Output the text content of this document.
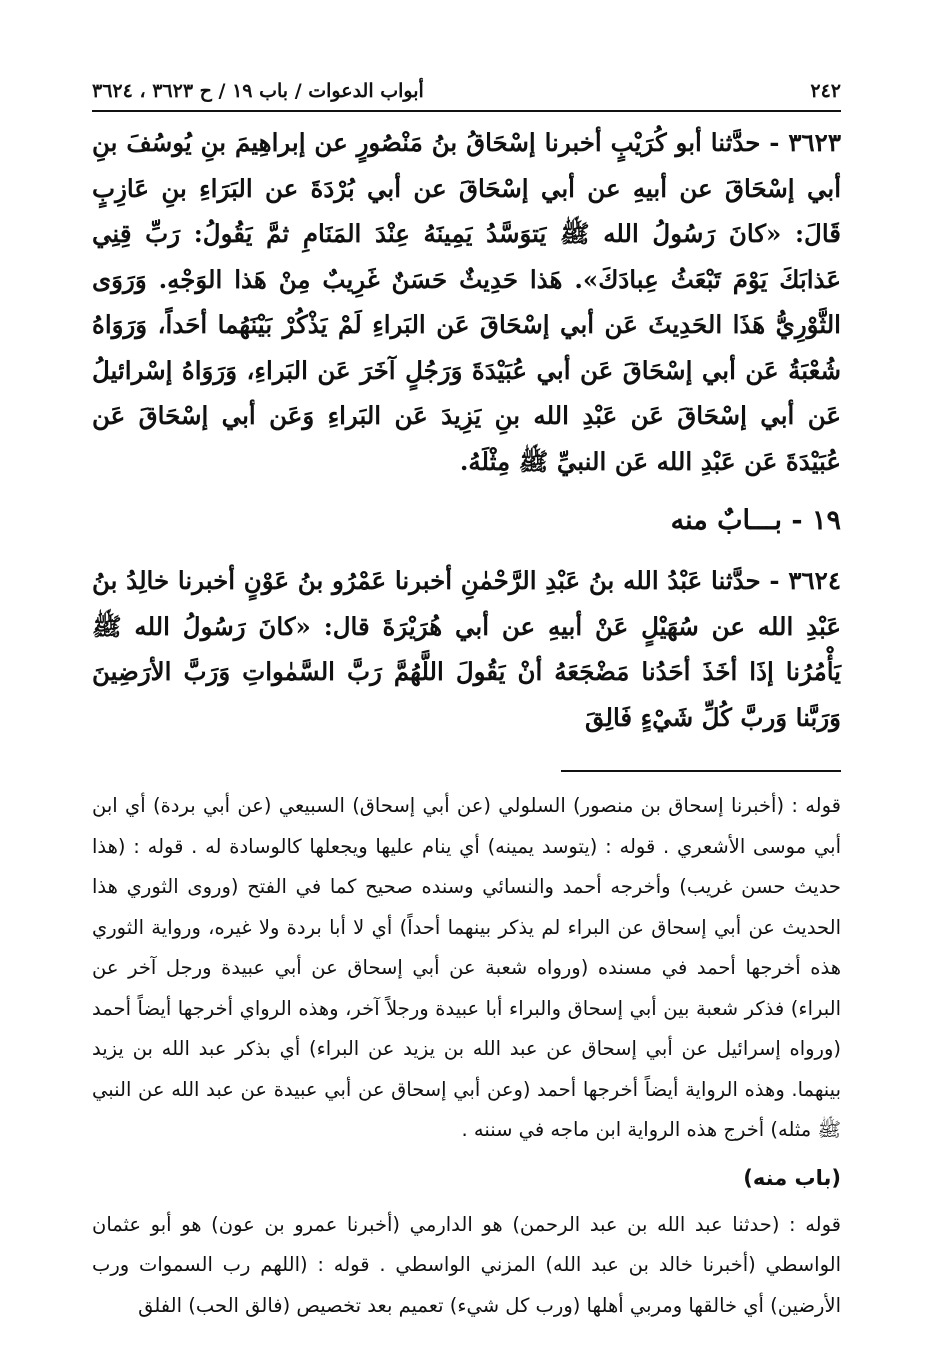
٢٤٢
أبواب الدعوات / باب ١٩ / ح ٣٦٢٣ ، ٣٦٢٤

٣٦٢٣ - حدَّثنا أبو كُرَيْبٍ أخبرنا إسْحَاقُ بنُ مَنْصُورٍ عن إبراهِيمَ بنِ يُوسُفَ بنِ أبي إسْحَاقَ عن أبيهِ عن أبي إسْحَاقَ عن أبي بُرْدَةَ عن البَرَاءِ بنِ عَازِبٍ قَالَ: «كانَ رَسُولُ الله ﷺ يَتوَسَّدُ يَمِينَهُ عِنْدَ المَنَامِ ثمَّ يَقُولُ: رَبِّ قِنِي عَذابَكَ يَوْمَ تَبْعَثُ عِبادَكَ». هَذا حَدِيثٌ حَسَنٌ غَرِيبٌ مِنْ هَذا الوَجْهِ. وَرَوَى الثَّوْرِيُّ هَذَا الحَدِيثَ عَن أبي إسْحَاقَ عَن البَراءِ لَمْ يَذْكُرْ بَيْنَهُما أحَداً، وَرَوَاهُ شُعْبَةُ عَن أبي إسْحَاقَ عَن أبي عُبَيْدَةَ وَرَجُلٍ آخَرَ عَن البَراءِ، وَرَوَاهُ إسْرائيلُ عَن أبي إسْحَاقَ عَن عَبْدِ الله بنِ يَزِيدَ عَن البَراءِ وَعَن أبي إسْحَاقَ عَن عُبَيْدَةَ عَن عَبْدِ الله عَن النبيِّ ﷺ مِثْلَهُ.

١٩ - بـــابٌ منه

٣٦٢٤ - حدَّثنا عَبْدُ الله بنُ عَبْدِ الرَّحْمٰنِ أخبرنا عَمْرُو بنُ عَوْنٍ أخبرنا خالِدُ بنُ عَبْدِ الله عن سُهَيْلٍ عَنْ أبيهِ عن أبي هُرَيْرَةَ قال: «كانَ رَسُولُ الله ﷺ يَأْمُرُنا إذَا أخَذَ أحَدُنا مَضْجَعَهُ أنْ يَقُولَ اللَّهُمَّ رَبَّ السَّمٰواتِ وَرَبَّ الأرَضِينَ وَرَبَّنا وَربَّ كُلِّ شَيْءٍ فَالِقَ

قوله : (أخبرنا إسحاق بن منصور) السلولي (عن أبي إسحاق) السبيعي (عن أبي بردة) أي ابن أبي موسى الأشعري . قوله : (يتوسد يمينه) أي ينام عليها ويجعلها كالوسادة له . قوله : (هذا حديث حسن غريب) وأخرجه أحمد والنسائي وسنده صحيح كما في الفتح (وروى الثوري هذا الحديث عن أبي إسحاق عن البراء لم يذكر بينهما أحداً) أي لا أبا بردة ولا غيره، ورواية الثوري هذه أخرجها أحمد في مسنده (ورواه شعبة عن أبي إسحاق عن أبي عبيدة ورجل آخر عن البراء) فذكر شعبة بين أبي إسحاق والبراء أبا عبيدة ورجلاً آخر، وهذه الرواي أخرجها أيضاً أحمد (ورواه إسرائيل عن أبي إسحاق عن عبد الله بن يزيد عن البراء) أي بذكر عبد الله بن يزيد بينهما. وهذه الرواية أيضاً أخرجها أحمد (وعن أبي إسحاق عن أبي عبيدة عن عبد الله عن النبي ﷺ مثله) أخرج هذه الرواية ابن ماجه في سننه .

(باب منه)

قوله : (حدثنا عبد الله بن عبد الرحمن) هو الدارمي (أخبرنا عمرو بن عون) هو أبو عثمان الواسطي (أخبرنا خالد بن عبد الله) المزني الواسطي . قوله : (اللهم رب السموات ورب الأرضين) أي خالقها ومربي أهلها (ورب كل شيء) تعميم بعد تخصيص (فالق الحب) الفلق
